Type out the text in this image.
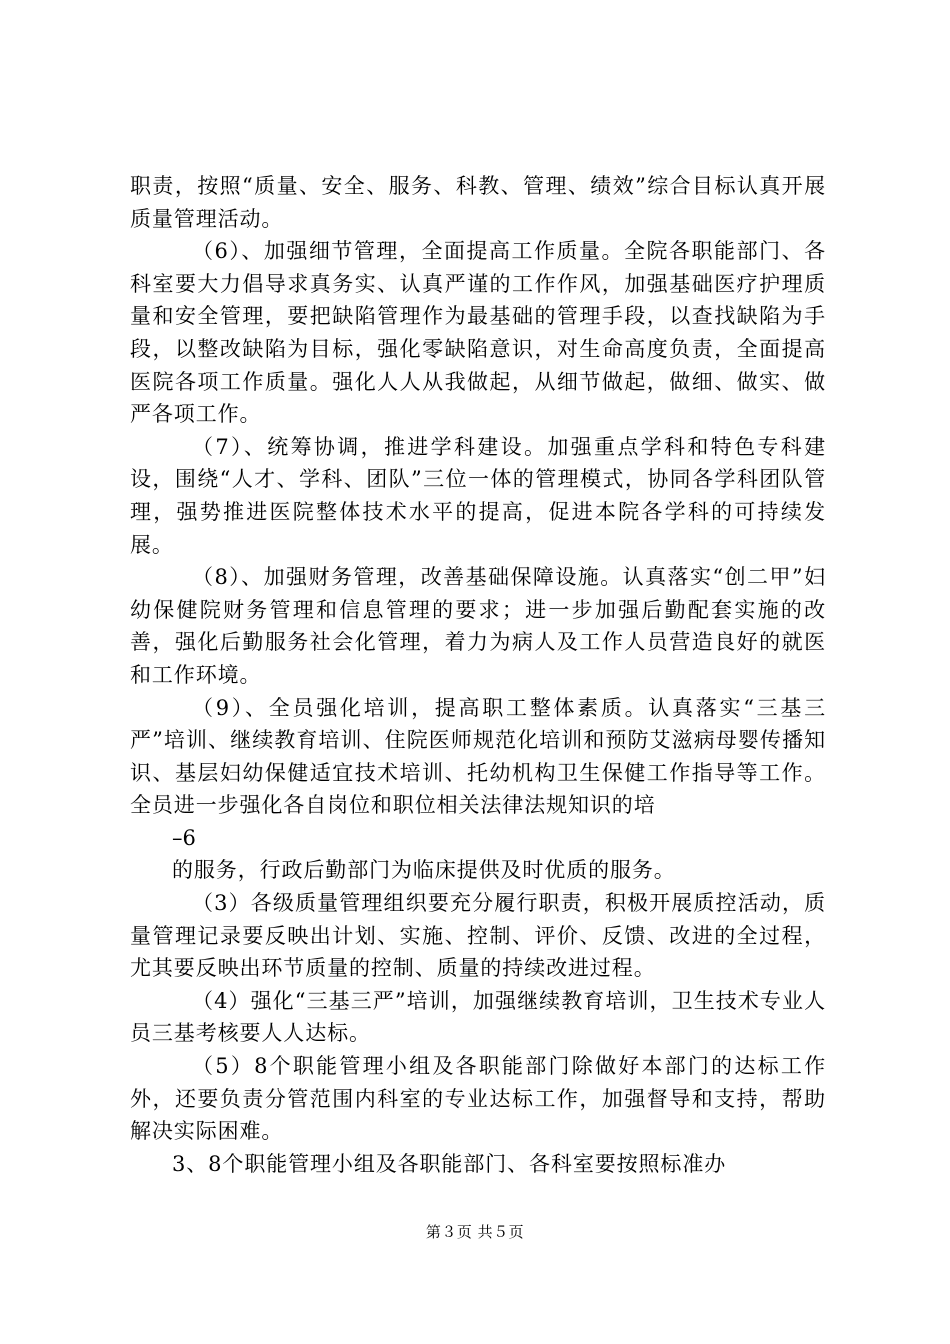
职责，按照“质量、安全、服务、科教、管理、绩效”综合目标认真开展质量管理活动。

（6）、加强细节管理，全面提高工作质量。全院各职能部门、各科室要大力倡导求真务实、认真严谨的工作作风，加强基础医疗护理质量和安全管理，要把缺陷管理作为最基础的管理手段，以查找缺陷为手段，以整改缺陷为目标，强化零缺陷意识，对生命高度负责，全面提高医院各项工作质量。强化人人从我做起，从细节做起，做细、做实、做严各项工作。

（7）、统筹协调，推进学科建设。加强重点学科和特色专科建设，围绕“人才、学科、团队”三位一体的管理模式，协同各学科团队管理，强势推进医院整体技术水平的提高，促进本院各学科的可持续发展。

（8）、加强财务管理，改善基础保障设施。认真落实“创二甲”妇幼保健院财务管理和信息管理的要求；进一步加强后勤配套实施的改善，强化后勤服务社会化管理，着力为病人及工作人员营造良好的就医和工作环境。

（9）、全员强化培训，提高职工整体素质。认真落实“三基三严”培训、继续教育培训、住院医师规范化培训和预防艾滋病母婴传播知识、基层妇幼保健适宜技术培训、托幼机构卫生保健工作指导等工作。全员进一步强化各自岗位和职位相关法律法规知识的培

–6

的服务，行政后勤部门为临床提供及时优质的服务。

（3）各级质量管理组织要充分履行职责，积极开展质控活动，质量管理记录要反映出计划、实施、控制、评价、反馈、改进的全过程，尤其要反映出环节质量的控制、质量的持续改进过程。

（4）强化“三基三严”培训，加强继续教育培训，卫生技术专业人员三基考核要人人达标。

（5）8个职能管理小组及各职能部门除做好本部门的达标工作外，还要负责分管范围内科室的专业达标工作，加强督导和支持，帮助解决实际困难。

3、8个职能管理小组及各职能部门、各科室要按照标准办

第３页 共５页
